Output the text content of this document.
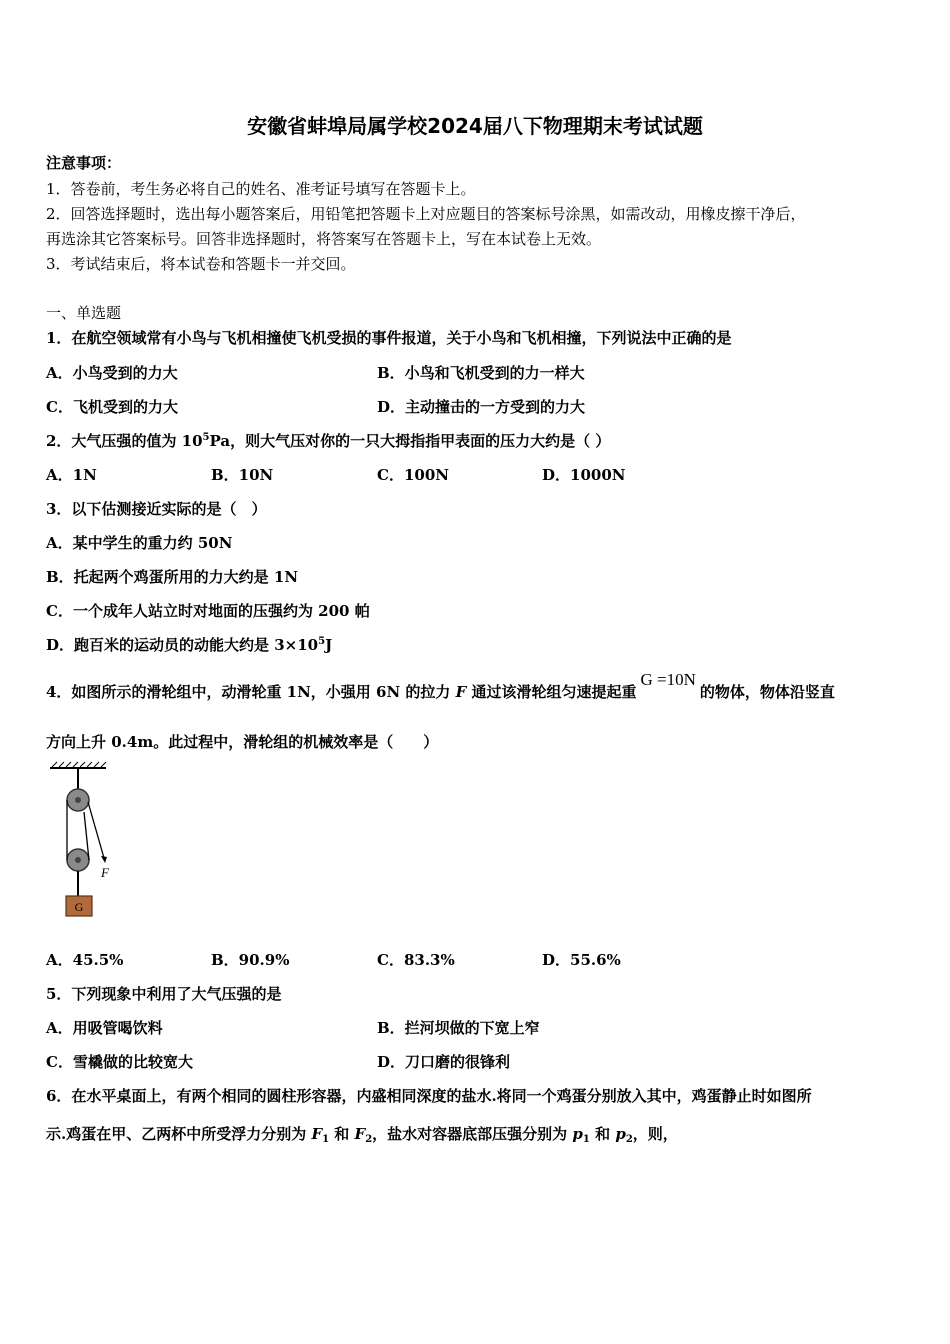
安徽省蚌埠局属学校2024届八下物理期末考试试题
注意事项：
1．答卷前，考生务必将自己的姓名、准考证号填写在答题卡上。
2．回答选择题时，选出每小题答案后，用铅笔把答题卡上对应题目的答案标号涂黑，如需改动，用橡皮擦干净后，
再选涂其它答案标号。回答非选择题时，将答案写在答题卡上，写在本试卷上无效。
3．考试结束后，将本试卷和答题卡一并交回。
一、单选题
1．在航空领域常有小鸟与飞机相撞使飞机受损的事件报道，关于小鸟和飞机相撞，下列说法中正确的是
A．小鸟受到的力大	B．小鸟和飞机受到的力一样大
C．飞机受到的力大	D．主动撞击的一方受到的力大
2．大气压强的值为 $10^5Pa$，则大气压对你的一只大拇指指甲表面的压力大约是（ ）
A．1N	B．10N	C．100N	D．1000N
3．以下估测接近实际的是（　）
A．某中学生的重力约 50N
B．托起两个鸡蛋所用的力大约是 1N
C．一个成年人站立时对地面的压强约为 200 帕
D．跑百米的运动员的动能大约是 $3\times 10^5J$
4．如图所示的滑轮组中，动滑轮重 1N，小强用 6N 的拉力 F 通过该滑轮组匀速提起重G =10N的物体，物体沿竖直
方向上升 0.4m。此过程中，滑轮组的机械效率是（　　）
F
G
A．45.5%	B．90.9%	C．83.3%	D．55.6%
5．下列现象中利用了大气压强的是
A．用吸管喝饮料	B．拦河坝做的下宽上窄
C．雪橇做的比较宽大	D．刀口磨的很锋利
6．在水平桌面上，有两个相同的圆柱形容器，内盛相同深度的盐水.将同一个鸡蛋分别放入其中，鸡蛋静止时如图所
示.鸡蛋在甲、乙两杯中所受浮力分别为 $F_1$ 和 $F_2$，盐水对容器底部压强分别为 $p_1$ 和 $p_2$，则，
